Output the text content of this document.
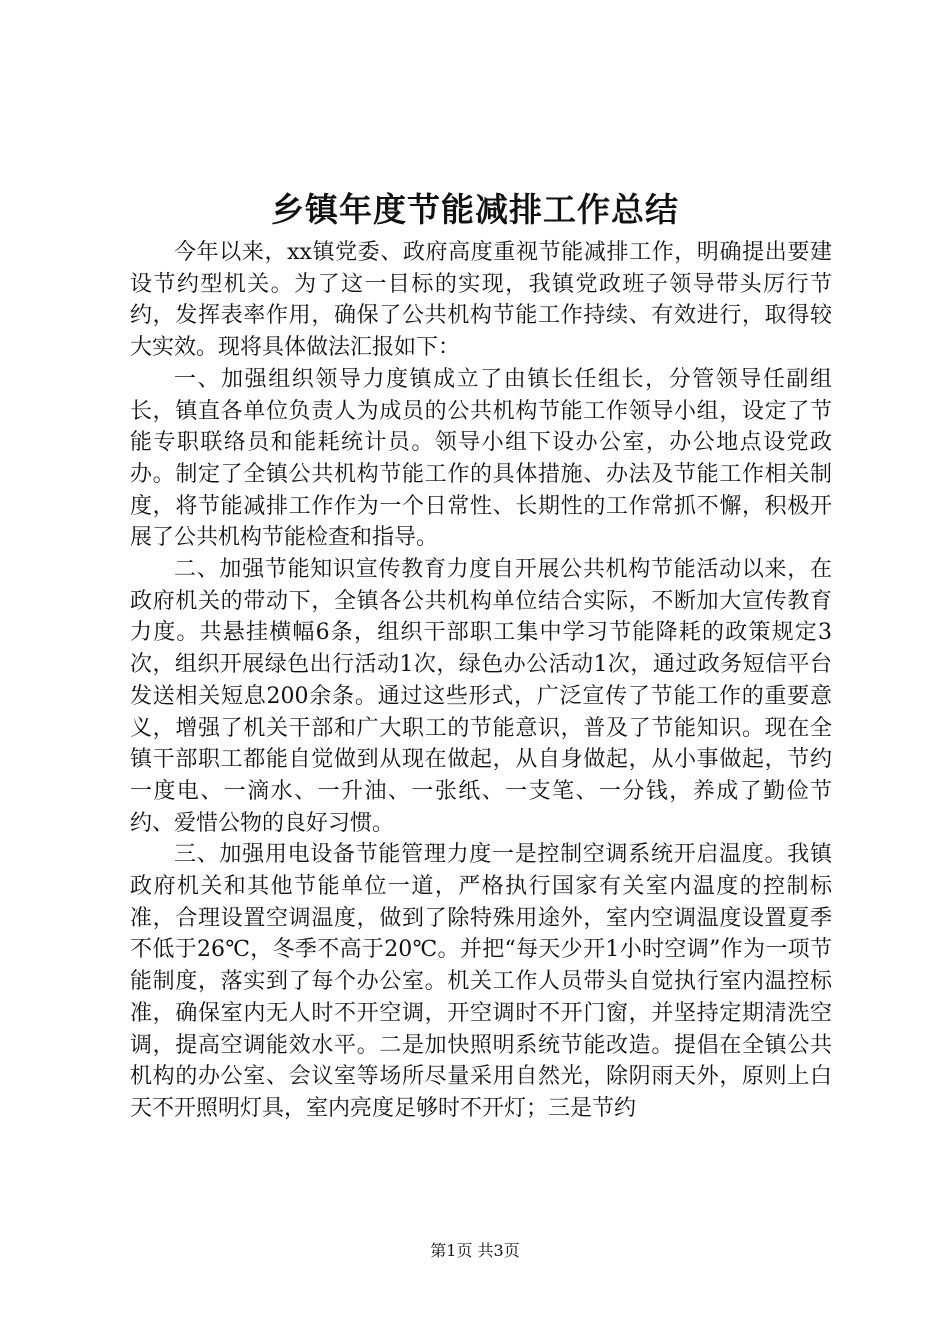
乡镇年度节能减排工作总结

今年以来，xx镇党委、政府高度重视节能减排工作，明确提出要建设节约型机关。为了这一目标的实现，我镇党政班子领导带头厉行节约，发挥表率作用，确保了公共机构节能工作持续、有效进行，取得较大实效。现将具体做法汇报如下：

一、加强组织领导力度镇成立了由镇长任组长，分管领导任副组长，镇直各单位负责人为成员的公共机构节能工作领导小组，设定了节能专职联络员和能耗统计员。领导小组下设办公室，办公地点设党政办。制定了全镇公共机构节能工作的具体措施、办法及节能工作相关制度，将节能减排工作作为一个日常性、长期性的工作常抓不懈，积极开展了公共机构节能检查和指导。

二、加强节能知识宣传教育力度自开展公共机构节能活动以来，在政府机关的带动下，全镇各公共机构单位结合实际，不断加大宣传教育力度。共悬挂横幅6条，组织干部职工集中学习节能降耗的政策规定3次，组织开展绿色出行活动1次，绿色办公活动1次，通过政务短信平台发送相关短息200余条。通过这些形式，广泛宣传了节能工作的重要意义，增强了机关干部和广大职工的节能意识，普及了节能知识。现在全镇干部职工都能自觉做到从现在做起，从自身做起，从小事做起，节约一度电、一滴水、一升油、一张纸、一支笔、一分钱，养成了勤俭节约、爱惜公物的良好习惯。

三、加强用电设备节能管理力度一是控制空调系统开启温度。我镇政府机关和其他节能单位一道，严格执行国家有关室内温度的控制标准，合理设置空调温度，做到了除特殊用途外，室内空调温度设置夏季不低于26℃，冬季不高于20℃。并把“每天少开1小时空调”作为一项节能制度，落实到了每个办公室。机关工作人员带头自觉执行室内温控标准，确保室内无人时不开空调，开空调时不开门窗，并坚持定期清洗空调，提高空调能效水平。二是加快照明系统节能改造。提倡在全镇公共机构的办公室、会议室等场所尽量采用自然光，除阴雨天外，原则上白天不开照明灯具，室内亮度足够时不开灯；三是节约

第1页 共3页
